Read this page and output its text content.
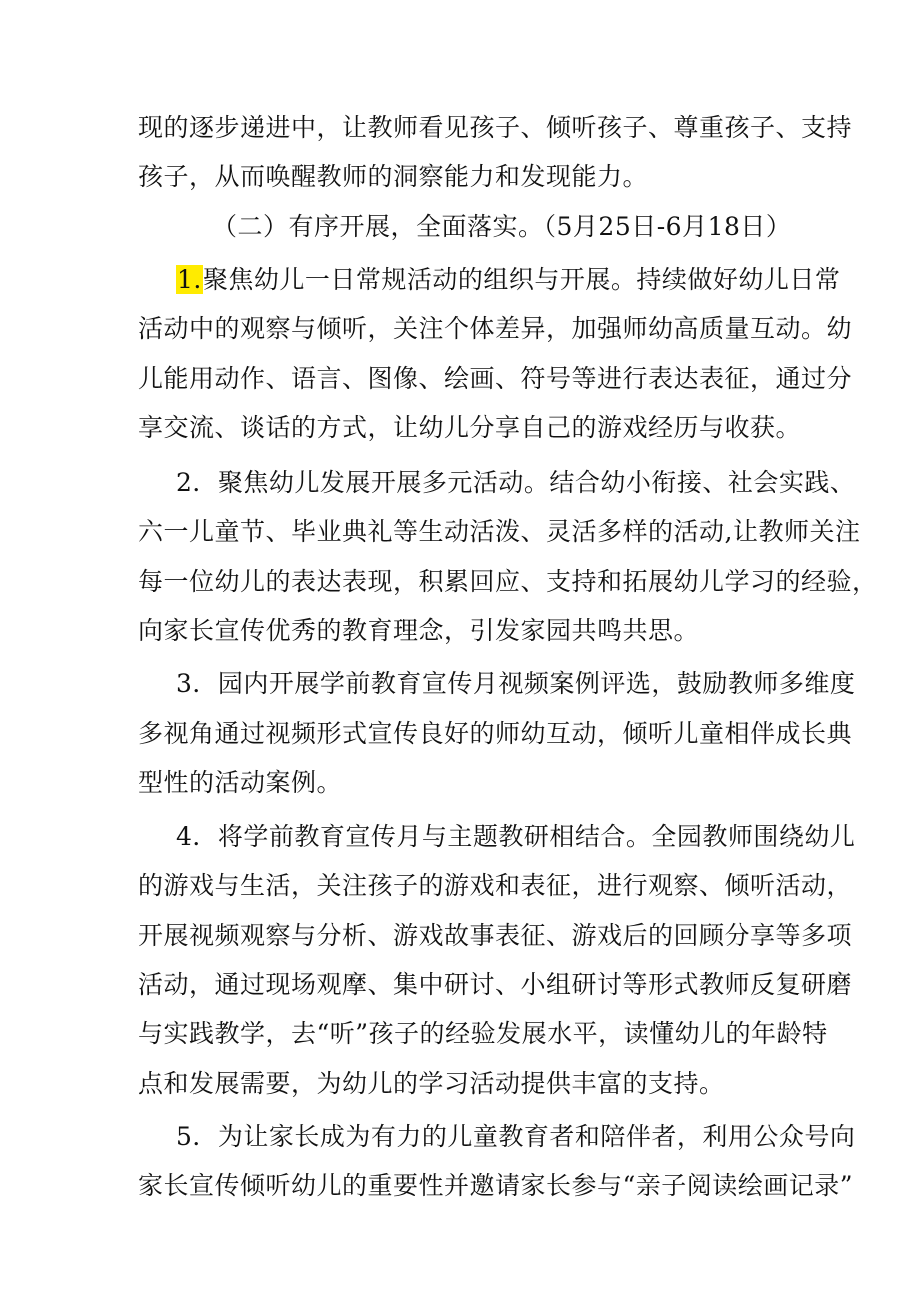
现的逐步递进中，让教师看见孩子、倾听孩子、尊重孩子、支持
孩子，从而唤醒教师的洞察能力和发现能力。
（二）有序开展，全面落实。（5月25日-6月18日）
1.聚焦幼儿一日常规活动的组织与开展。持续做好幼儿日常
活动中的观察与倾听，关注个体差异，加强师幼高质量互动。幼
儿能用动作、语言、图像、绘画、符号等进行表达表征，通过分
享交流、谈话的方式，让幼儿分享自己的游戏经历与收获。
2．聚焦幼儿发展开展多元活动。结合幼小衔接、社会实践、
六一儿童节、毕业典礼等生动活泼、灵活多样的活动,让教师关注
每一位幼儿的表达表现，积累回应、支持和拓展幼儿学习的经验，
向家长宣传优秀的教育理念，引发家园共鸣共思。
3．园内开展学前教育宣传月视频案例评选，鼓励教师多维度
多视角通过视频形式宣传良好的师幼互动，倾听儿童相伴成长典
型性的活动案例。
4．将学前教育宣传月与主题教研相结合。全园教师围绕幼儿
的游戏与生活，关注孩子的游戏和表征，进行观察、倾听活动，
开展视频观察与分析、游戏故事表征、游戏后的回顾分享等多项
活动，通过现场观摩、集中研讨、小组研讨等形式教师反复研磨
与实践教学，去“听”孩子的经验发展水平，读懂幼儿的年龄特
点和发展需要，为幼儿的学习活动提供丰富的支持。
5．为让家长成为有力的儿童教育者和陪伴者，利用公众号向
家长宣传倾听幼儿的重要性并邀请家长参与“亲子阅读绘画记录”
